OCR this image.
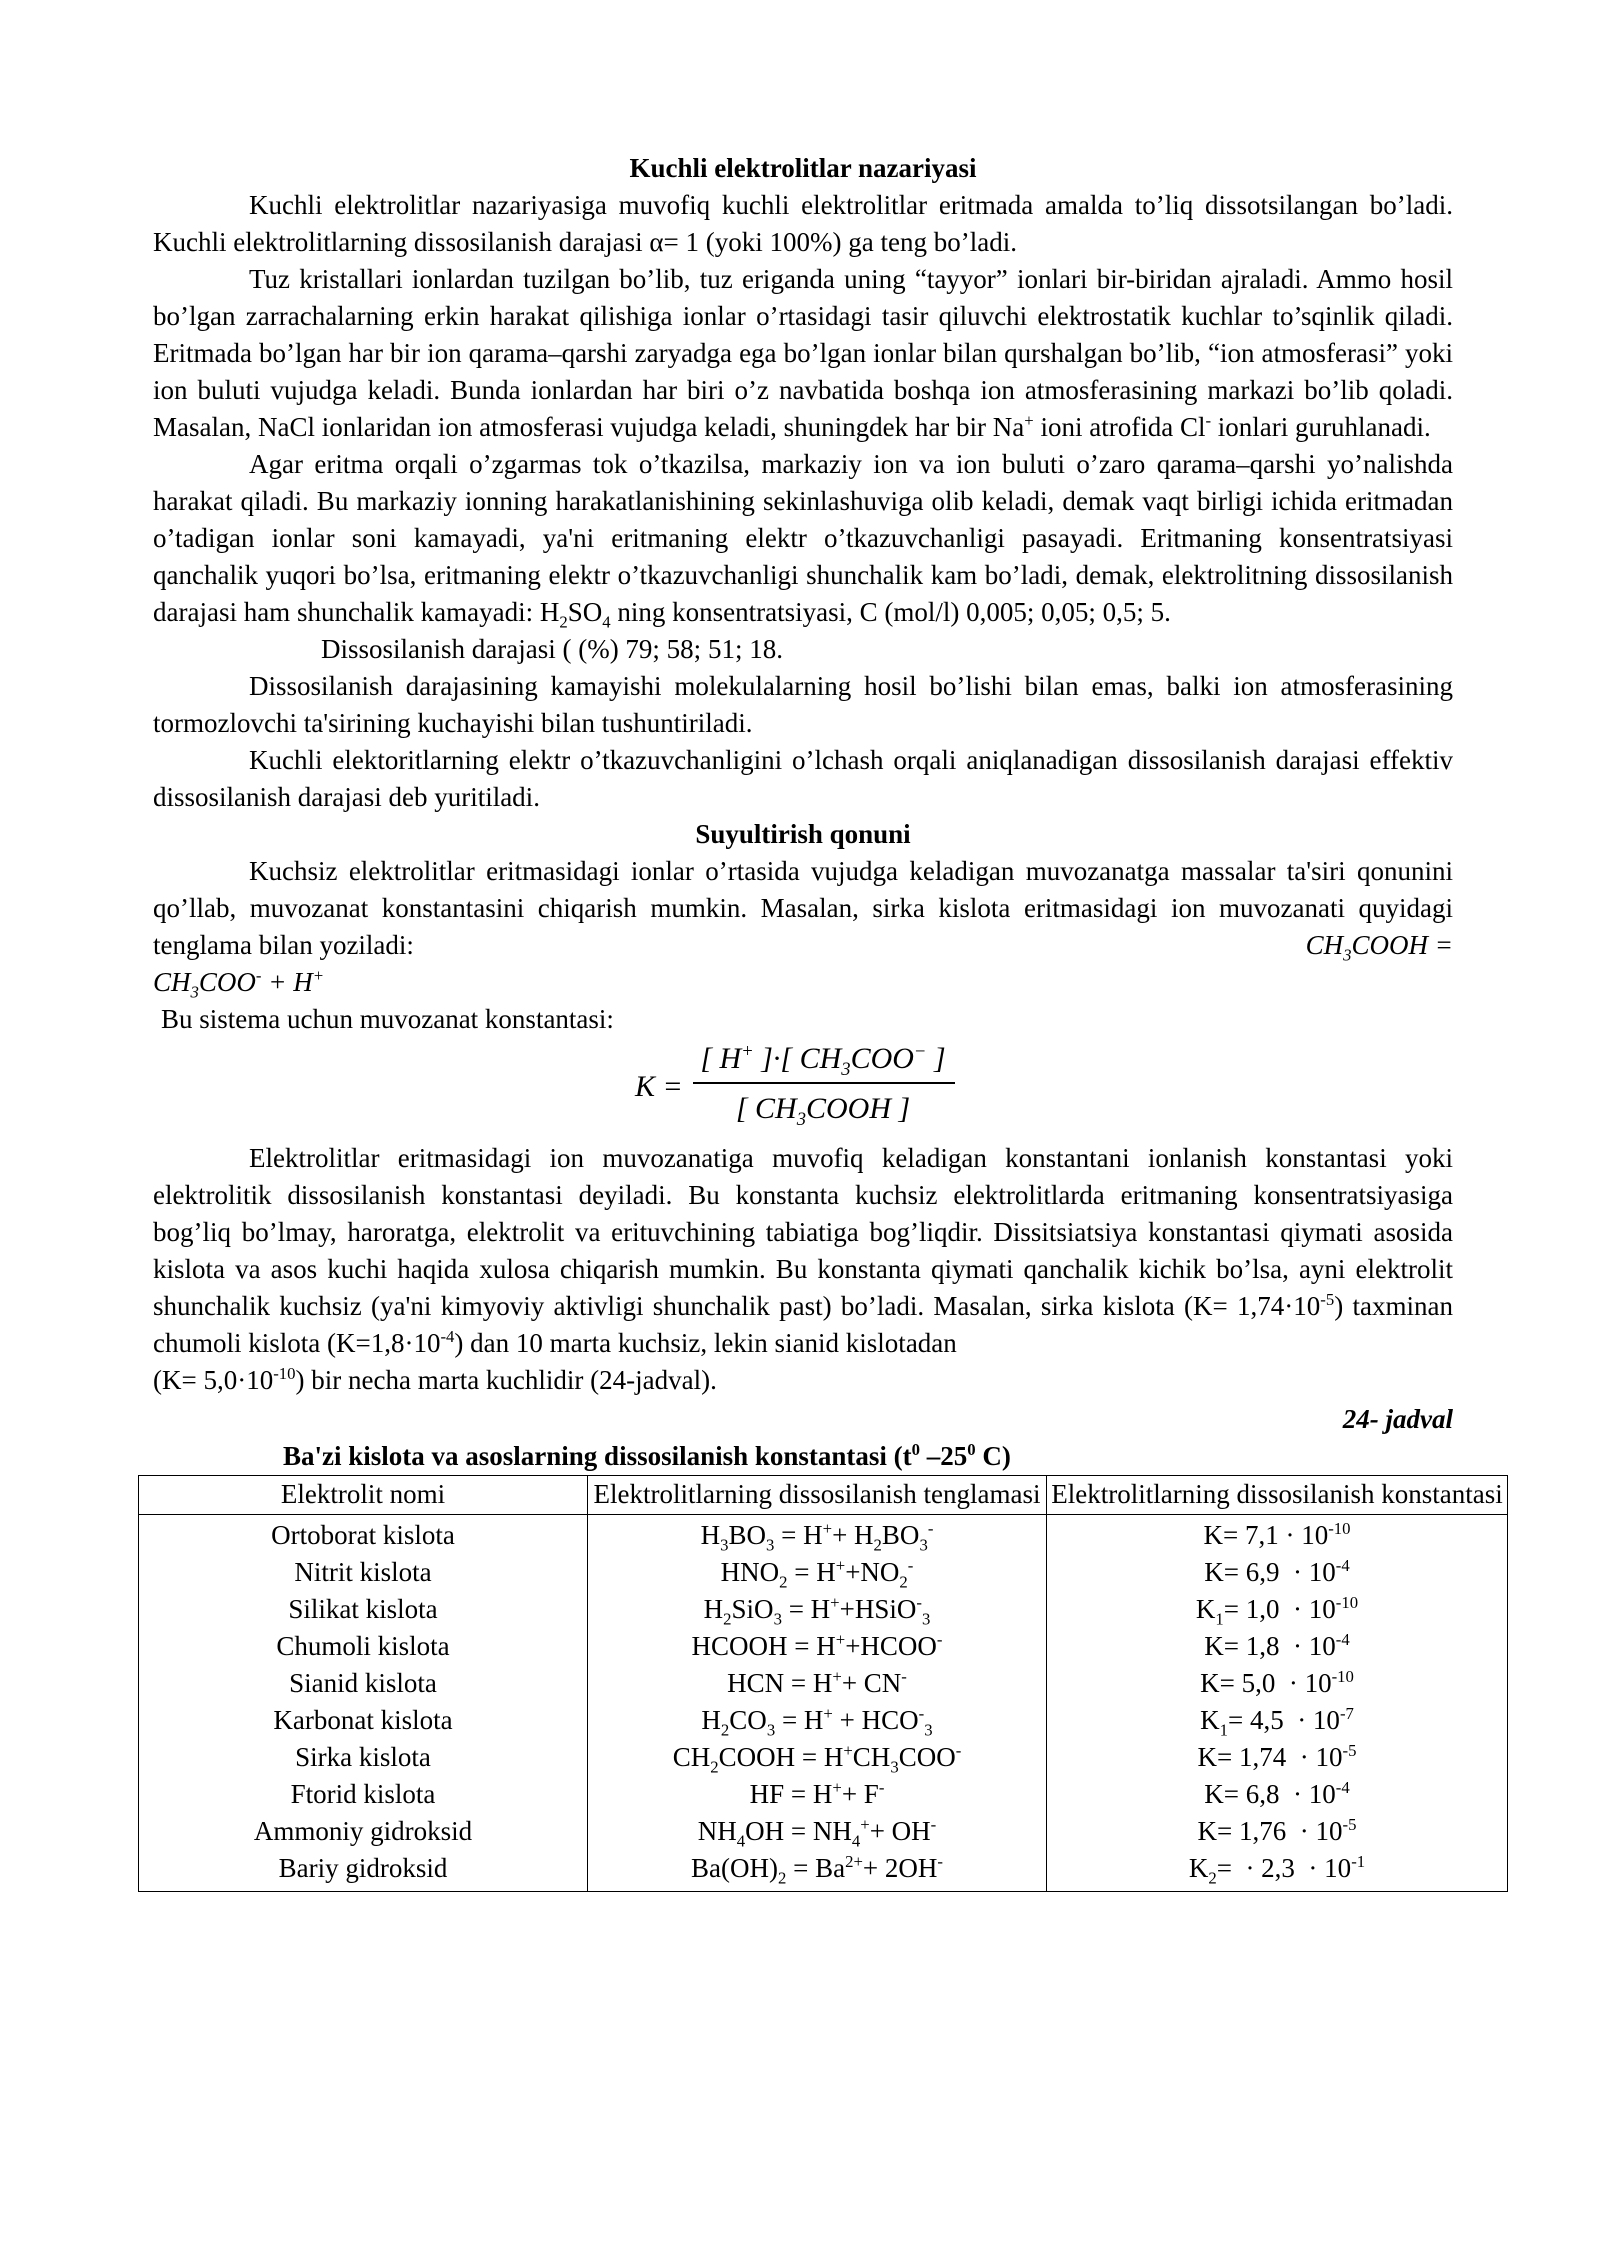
Kuchli elektrolitlar nazariyasi

Kuchli elektrolitlar nazariyasiga muvofiq kuchli elektrolitlar eritmada amalda to’liq dissotsilangan bo’ladi. Kuchli elektrolitlarning dissosilanish darajasi α= 1 (yoki 100%) ga teng bo’ladi.

Tuz kristallari ionlardan tuzilgan bo’lib, tuz eriganda uning “tayyor” ionlari bir-biridan ajraladi. Ammo hosil bo’lgan zarrachalarning erkin harakat qilishiga ionlar o’rtasidagi tasir qiluvchi elektrostatik kuchlar to’sqinlik qiladi. Eritmada bo’lgan har bir ion qarama–qarshi zaryadga ega bo’lgan ionlar bilan qurshalgan bo’lib, “ion atmosferasi” yoki ion buluti vujudga keladi. Bunda ionlardan har biri o’z navbatida boshqa ion atmosferasining markazi bo’lib qoladi. Masalan, NaCl ionlaridan ion atmosferasi vujudga keladi, shuningdek har bir Na+ ioni atrofida Cl- ionlari guruhlanadi.

Agar eritma orqali o’zgarmas tok o’tkazilsa, markaziy ion va ion buluti o’zaro qarama–qarshi yo’nalishda harakat qiladi. Bu markaziy ionning harakatlanishining sekinlashuviga olib keladi, demak vaqt birligi ichida eritmadan o’tadigan ionlar soni kamayadi, ya'ni eritmaning elektr o’tkazuvchanligi pasayadi. Eritmaning konsentratsiyasi qanchalik yuqori bo’lsa, eritmaning elektr o’tkazuvchanligi shunchalik kam bo’ladi, demak, elektrolitning dissosilanish darajasi ham shunchalik kamayadi: $H_2SO_4$ ning konsentratsiyasi, C (mol/l) 0,005; 0,05; 0,5; 5.

Dissosilanish darajasi ( (%) 79; 58; 51; 18.

Dissosilanish darajasining kamayishi molekulalarning hosil bo’lishi bilan emas, balki ion atmosferasining tormozlovchi ta'sirining kuchayishi bilan tushuntiriladi.

Kuchli elektoritlarning elektr o’tkazuvchanligini o’lchash orqali aniqlanadigan dissosilanish darajasi effektiv dissosilanish darajasi deb yuritiladi.

Suyultirish qonuni

Kuchsiz elektrolitlar eritmasidagi ionlar o’rtasida vujudga keladigan muvozanatga massalar ta'siri qonunini qo’llab, muvozanat konstantasini chiqarish mumkin. Masalan, sirka kislota eritmasidagi ion muvozanati quyidagi tenglama bilan yoziladi:	$CH_3COOH$ =

$CH_3COO^- + H^+$

Bu sistema uchun muvozanat konstantasi:

K =
[ H+ ]·[ $CH_3COO^-$ ]
[ $CH_3COOH$ ]

Elektrolitlar eritmasidagi ion muvozanatiga muvofiq keladigan konstantani ionlanish konstantasi yoki elektrolitik dissosilanish konstantasi deyiladi. Bu konstanta kuchsiz elektrolitlarda eritmaning konsentratsiyasiga bog’liq bo’lmay, haroratga, elektrolit va erituvchining tabiatiga bog’liqdir. Dissitsiatsiya konstantasi qiymati asosida kislota va asos kuchi haqida xulosa chiqarish mumkin. Bu konstanta qiymati qanchalik kichik bo’lsa, ayni elektrolit shunchalik kuchsiz (ya'ni kimyoviy aktivligi shunchalik past) bo’ladi. Masalan, sirka kislota $(K= 1,74\cdot 10^{-5})$ taxminan chumoli kislota $(K=1,8\cdot 10^{-4})$ dan 10 marta kuchsiz, lekin sianid kislotadan

$(K= 5,0\cdot 10^{-10})$ bir necha marta kuchlidir (24-jadval).

24- jadval

Ba'zi kislota va asoslarning dissosilanish konstantasi ($t^0$ $-25^0$ C)

Elektrolit nomi	Elektrolitlarning dissosilanish tenglamasi	Elektrolitlarning dissosilanish konstantasi
Ortoborat kislota	$H_3BO_3 = H^++ H_2BO_3^-$	$K= 7,1 \cdot 10^{-10}$
Nitrit kislota	$HNO_2 = H^++NO_2^-$	$K= 6,9 \cdot 10^{-4}$
Silikat kislota	$H_2SiO_3$ = H++HSiO-$_3$	$K_1= 1,0 \cdot 10^{-10}$
Chumoli kislota	HCOOH = H++HCOO-	$K= 1,8 \cdot 10^{-4}$
Sianid kislota	HCN = H++ CN-	$K= 5,0 \cdot 10^{-10}$
Karbonat kislota	$H_2CO_3 = H^+ + HCO^-_3$	$K_1= 4,5 \cdot 10^{-7}$
Sirka kislota	$CH_2COOH = H^+CH_3COO^-$	$K= 1,74 \cdot 10^{-5}$
Ftorid kislota	HF = H++ F-	$K= 6,8 \cdot 10^{-4}$
Ammoniy gidroksid	$NH_4OH = NH_4^++ OH^-$	$K= 1,76 \cdot 10^{-5}$
Bariy gidroksid	$Ba(OH)_2 = Ba^{2+}+ 2OH^-$	$K_2= \cdot 2,3 \cdot 10^{-1}$
